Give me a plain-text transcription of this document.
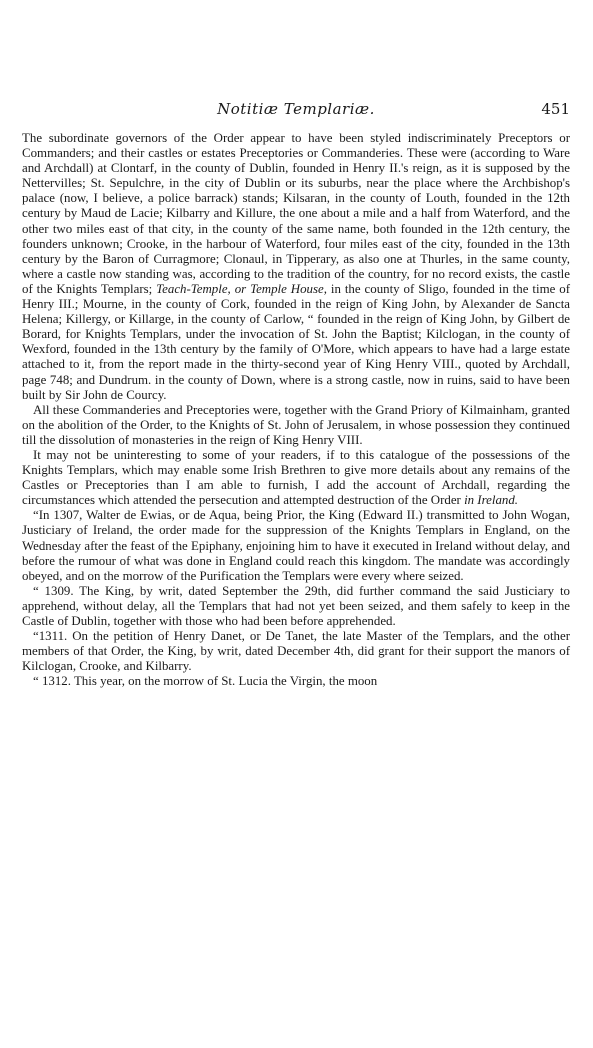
Notitiæ Templariæ.	451

The subordinate governors of the Order appear to have been styled indiscriminately Preceptors or Commanders; and their castles or estates Preceptories or Commanderies. These were (according to Ware and Archdall) at Clontarf, in the county of Dublin, founded in Henry II.'s reign, as it is supposed by the Nettervilles; St. Sepulchre, in the city of Dublin or its suburbs, near the place where the Archbishop's palace (now, I believe, a police barrack) stands; Kilsaran, in the county of Louth, founded in the 12th century by Maud de Lacie; Kilbarry and Killure, the one about a mile and a half from Waterford, and the other two miles east of that city, in the county of the same name, both founded in the 12th century, the founders unknown; Crooke, in the harbour of Waterford, four miles east of the city, founded in the 13th century by the Baron of Curragmore; Clonaul, in Tipperary, as also one at Thurles, in the same county, where a castle now standing was, according to the tradition of the country, for no record exists, the castle of the Knights Templars; Teach-Temple, or Temple House, in the county of Sligo, founded in the time of Henry III.; Mourne, in the county of Cork, founded in the reign of King John, by Alexander de Sancta Helena; Killergy, or Killarge, in the county of Carlow, “ founded in the reign of King John, by Gilbert de Borard, for Knights Templars, under the invocation of St. John the Baptist; Kilclogan, in the county of Wexford, founded in the 13th century by the family of O'More, which appears to have had a large estate attached to it, from the report made in the thirty-second year of King Henry VIII., quoted by Archdall, page 748; and Dundrum. in the county of Down, where is a strong castle, now in ruins, said to have been built by Sir John de Courcy.

All these Commanderies and Preceptories were, together with the Grand Priory of Kilmainham, granted on the abolition of the Order, to the Knights of St. John of Jerusalem, in whose possession they continued till the dissolution of monasteries in the reign of King Henry VIII.

It may not be uninteresting to some of your readers, if to this catalogue of the possessions of the Knights Templars, which may enable some Irish Brethren to give more details about any remains of the Castles or Preceptories than I am able to furnish, I add the account of Archdall, regarding the circumstances which attended the persecution and attempted destruction of the Order in Ireland.

“In 1307, Walter de Ewias, or de Aqua, being Prior, the King (Edward II.) transmitted to John Wogan, Justiciary of Ireland, the order made for the suppression of the Knights Templars in England, on the Wednesday after the feast of the Epiphany, enjoining him to have it executed in Ireland without delay, and before the rumour of what was done in England could reach this kingdom. The mandate was accordingly obeyed, and on the morrow of the Purification the Templars were every where seized.

“ 1309. The King, by writ, dated September the 29th, did further command the said Justiciary to apprehend, without delay, all the Templars that had not yet been seized, and them safely to keep in the Castle of Dublin, together with those who had been before apprehended.

“1311. On the petition of Henry Danet, or De Tanet, the late Master of the Templars, and the other members of that Order, the King, by writ, dated December 4th, did grant for their support the manors of Kilclogan, Crooke, and Kilbarry.

“ 1312. This year, on the morrow of St. Lucia the Virgin, the moon
